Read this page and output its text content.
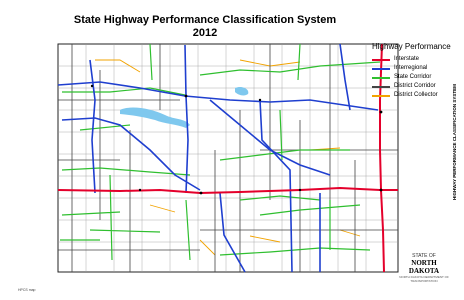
State Highway Performance Classification System
2012
Highway Performance
Interstate
Interregional
State Corridor
District Corridor
District Collector	HIGHWAY PERFORMANCE CLASSIFICATION SYSTEM
STATE OF
NORTH DAKOTA
NORTH DAKOTA DEPARTMENT OF TRANSPORTATION
HPCS map
